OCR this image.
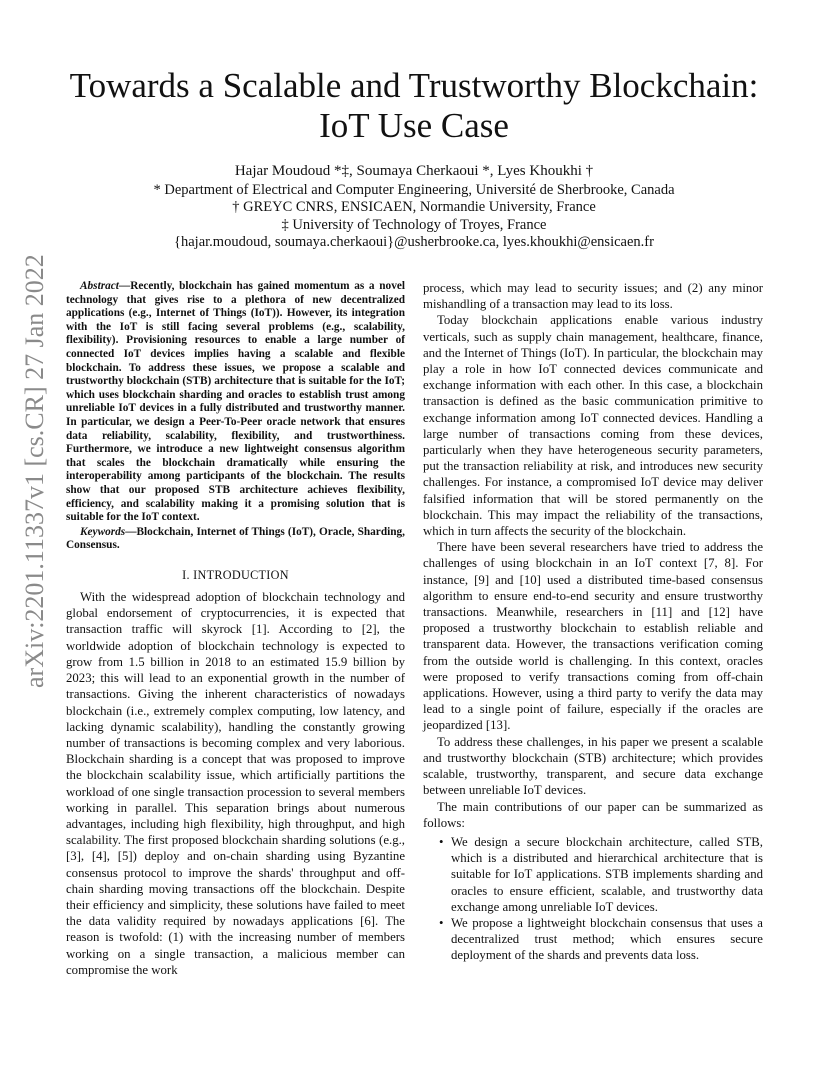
arXiv:2201.11337v1 [cs.CR] 27 Jan 2022
Towards a Scalable and Trustworthy Blockchain:
IoT Use Case
Hajar Moudoud *‡, Soumaya Cherkaoui *, Lyes Khoukhi †
* Department of Electrical and Computer Engineering, Université de Sherbrooke, Canada
† GREYC CNRS, ENSICAEN, Normandie University, France
‡ University of Technology of Troyes, France
{hajar.moudoud, soumaya.cherkaoui}@usherbrooke.ca, lyes.khoukhi@ensicaen.fr

Abstract—Recently, blockchain has gained momentum as a novel technology that gives rise to a plethora of new decentralized applications (e.g., Internet of Things (IoT)). However, its integration with the IoT is still facing several problems (e.g., scalability, flexibility). Provisioning resources to enable a large number of connected IoT devices implies having a scalable and flexible blockchain. To address these issues, we propose a scalable and trustworthy blockchain (STB) architecture that is suitable for the IoT; which uses blockchain sharding and oracles to establish trust among unreliable IoT devices in a fully distributed and trustworthy manner. In particular, we design a Peer-To-Peer oracle network that ensures data reliability, scalability, flexibility, and trustworthiness. Furthermore, we introduce a new lightweight consensus algorithm that scales the blockchain dramatically while ensuring the interoperability among participants of the blockchain. The results show that our proposed STB architecture achieves flexibility, efficiency, and scalability making it a promising solution that is suitable for the IoT context.

Keywords—Blockchain, Internet of Things (IoT), Oracle, Sharding, Consensus.

I. INTRODUCTION

With the widespread adoption of blockchain technology and global endorsement of cryptocurrencies, it is expected that transaction traffic will skyrock [1]. According to [2], the worldwide adoption of blockchain technology is expected to grow from 1.5 billion in 2018 to an estimated 15.9 billion by 2023; this will lead to an exponential growth in the number of transactions. Giving the inherent characteristics of nowadays blockchain (i.e., extremely complex computing, low latency, and lacking dynamic scalability), handling the constantly growing number of transactions is becoming complex and very laborious. Blockchain sharding is a concept that was proposed to improve the blockchain scalability issue, which artificially partitions the workload of one single transaction procession to several members working in parallel. This separation brings about numerous advantages, including high flexibility, high throughput, and high scalability. The first proposed blockchain sharding solutions (e.g., [3], [4], [5]) deploy and on-chain sharding using Byzantine consensus protocol to improve the shards' throughput and off-chain sharding moving transactions off the blockchain. Despite their efficiency and simplicity, these solutions have failed to meet the data validity required by nowadays applications [6]. The reason is twofold: (1) with the increasing number of members working on a single transaction, a malicious member can compromise the work

process, which may lead to security issues; and (2) any minor mishandling of a transaction may lead to its loss.

Today blockchain applications enable various industry verticals, such as supply chain management, healthcare, finance, and the Internet of Things (IoT). In particular, the blockchain may play a role in how IoT connected devices communicate and exchange information with each other. In this case, a blockchain transaction is defined as the basic communication primitive to exchange information among IoT connected devices. Handling a large number of transactions coming from these devices, particularly when they have heterogeneous security parameters, put the transaction reliability at risk, and introduces new security challenges. For instance, a compromised IoT device may deliver falsified information that will be stored permanently on the blockchain. This may impact the reliability of the transactions, which in turn affects the security of the blockchain.

There have been several researchers have tried to address the challenges of using blockchain in an IoT context [7, 8]. For instance, [9] and [10] used a distributed time-based consensus algorithm to ensure end-to-end security and ensure trustworthy transactions. Meanwhile, researchers in [11] and [12] have proposed a trustworthy blockchain to establish reliable and transparent data. However, the transactions verification coming from the outside world is challenging. In this context, oracles were proposed to verify transactions coming from off-chain applications. However, using a third party to verify the data may lead to a single point of failure, especially if the oracles are jeopardized [13].

To address these challenges, in his paper we present a scalable and trustworthy blockchain (STB) architecture; which provides scalable, trustworthy, transparent, and secure data exchange between unreliable IoT devices.

The main contributions of our paper can be summarized as follows:

• We design a secure blockchain architecture, called STB, which is a distributed and hierarchical architecture that is suitable for IoT applications. STB implements sharding and oracles to ensure efficient, scalable, and trustworthy data exchange among unreliable IoT devices.
• We propose a lightweight blockchain consensus that uses a decentralized trust method; which ensures secure deployment of the shards and prevents data loss.
